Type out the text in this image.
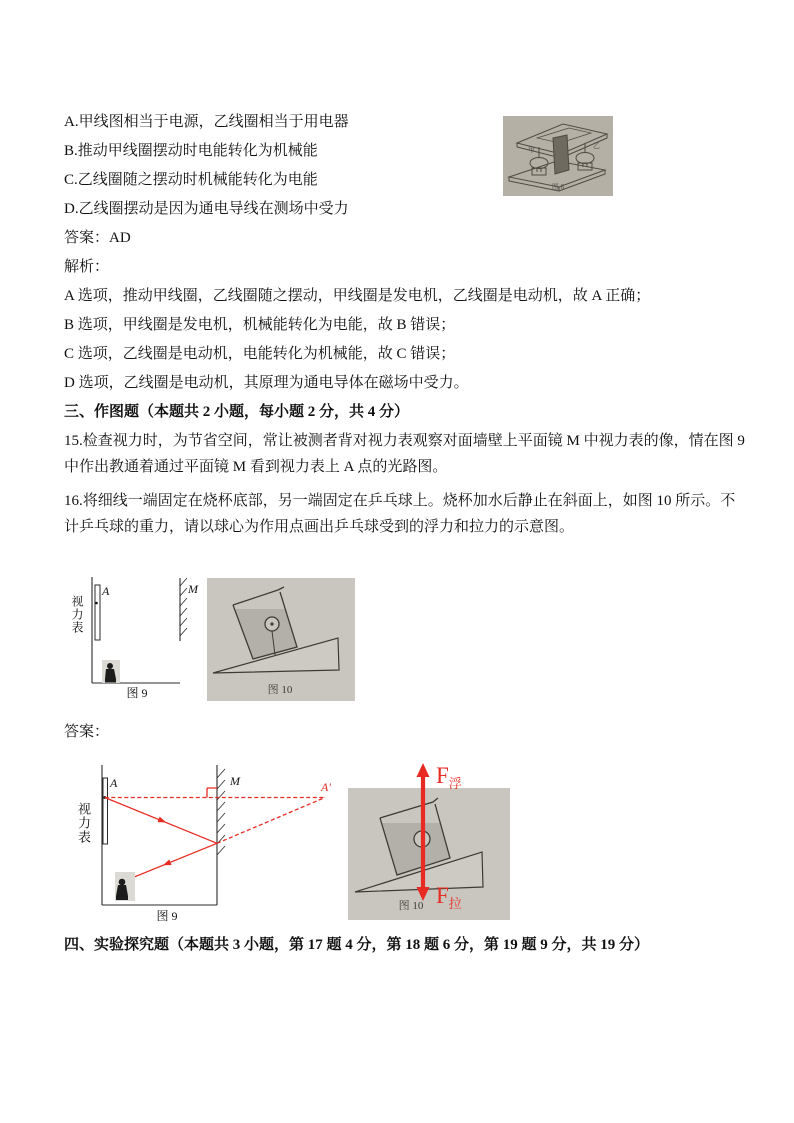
A.甲线图相当于电源，乙线圈相当于用电器
B.推动甲线圈摆动时电能转化为机械能
C.乙线圈随之摆动时机械能转化为电能
D.乙线圈摆动是因为通电导线在测场中受力
答案：AD
解析：
A 选项，推动甲线圈，乙线圈随之摆动，甲线圈是发电机，乙线圈是电动机，故 A 正确；
B 选项，甲线圈是发电机，机械能转化为电能，故 B 错误；
C 选项，乙线圈是电动机，电能转化为机械能，故 C 错误；
D 选项，乙线圈是电动机，其原理为通电导体在磁场中受力。
甲	乙
图 8
三、作图题（本题共 2 小题，每小题 2 分，共 4 分）
15.检查视力时，为节省空间，常让被测者背对视力表观察对面墙壁上平面镜 M 中视力表的像，情在图 9
中作出教通着通过平面镜 M 看到视力表上 A 点的光路图。
16.将细线一端固定在烧杯底部，另一端固定在乒乓球上。烧杯加水后静止在斜面上，如图 10 所示。不
计乒乓球的重力，请以球心为作用点画出乒乓球受到的浮力和拉力的示意图。
视力表
A	M
图 9	图 10
答案：
视力表
A	M	A′
图 9
$F_浮$
$F_拉$
图 10
四、实验探究题（本题共 3 小题，第 17 题 4 分，第 18 题 6 分，第 19 题 9 分，共 19 分）
